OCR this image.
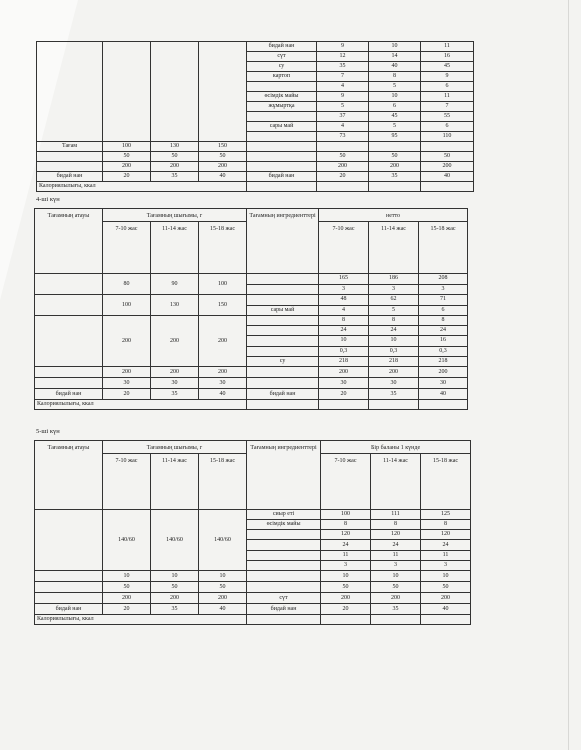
				бидай нан	9	10	11
				сүт	12	14	16
				су	35	40	45
				картоп	7	8	9
					4	5	6
				өсімдік майы	9	10	11
				жұмыртқа	5	6	7
					37	45	55
				сары май	4	5	6
					73	95	110
Тағам	100	130	150				
	50	50	50		50	50	50
	200	200	200		200	200	200
бидай нан	20	35	40	бидай нан	20	35	40
Калориялылығы, ккал							
4-ші күн
Тағамның атауы	Тағамның шығымы, г			Тағамның ингредиенттері	нетто		
	7-10 жас	11-14 жас	15-18 жас		7-10 жас	11-14 жас	15-18 жас
	80	90	100		165	186	208
					3	3	3
	100	130	150		48	62	71
				сары май	4	5	6
	200	200	200		8	8	8
					24	24	24
					10	10	16
					0,3	0,3	0,3
				су	218	218	218
	200	200	200		200	200	200
	30	30	30		30	30	30
бидай нан	20	35	40	бидай нан	20	35	40
Калориялылығы, ккал							
5-ші күн
Тағамның атауы	Тағамның шығымы, г			Тағамның ингредиенттері	Бір баланы 1 күнде		
	7-10 жас	11-14 жас	15-18 жас		7-10 жас	11-14 жас	15-18 жас
	140/60	140/60	140/60	сиыр еті	100	111	125
				өсімдік майы	8	8	8
					120	120	120
					24	24	24
					11	11	11
					3	3	3
	10	10	10		10	10	10
	50	50	50		50	50	50
	200	200	200	сүт	200	200	200
бидай нан	20	35	40	бидай нан	20	35	40
Калориялылығы, ккал							
